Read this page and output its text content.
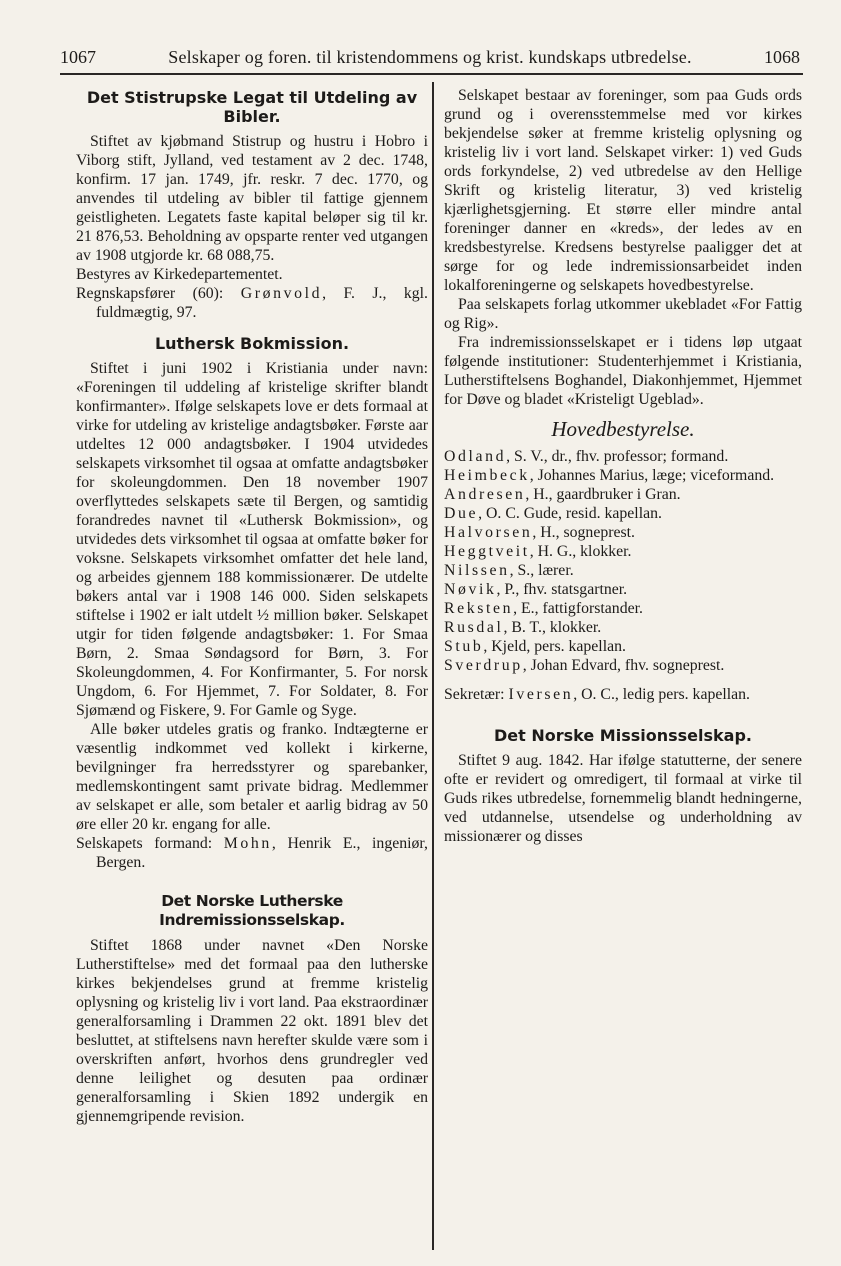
1067	Selskaper og foren. til kristendommens og krist. kundskaps utbredelse.	1068
Det Stistrupske Legat til Utdeling av Bibler.

Stiftet av kjøbmand Stistrup og hustru i Hobro i Viborg stift, Jylland, ved testament av 2 dec. 1748, konfirm. 17 jan. 1749, jfr. reskr. 7 dec. 1770, og anvendes til utdeling av bibler til fattige gjennem geistligheten. Legatets faste kapital beløper sig til kr. 21 876,53. Beholdning av opsparte renter ved utgangen av 1908 utgjorde kr. 68 088,75.

Bestyres av Kirkedepartementet.

Regnskapsfører (60): Grønvold, F. J., kgl. fuldmægtig, 97.

Luthersk Bokmission.

Stiftet i juni 1902 i Kristiania under navn: «Foreningen til uddeling af kristelige skrifter blandt konfirmanter». Ifølge selskapets love er dets formaal at virke for utdeling av kristelige andagtsbøker. Første aar utdeltes 12 000 andagtsbøker. I 1904 utvidedes selskapets virksomhet til ogsaa at omfatte andagtsbøker for skoleungdommen. Den 18 november 1907 overflyttedes selskapets sæte til Bergen, og samtidig forandredes navnet til «Luthersk Bokmission», og utvidedes dets virksomhet til ogsaa at omfatte bøker for voksne. Selskapets virksomhet omfatter det hele land, og arbeides gjennem 188 kommissionærer. De utdelte bøkers antal var i 1908 146 000. Siden selskapets stiftelse i 1902 er ialt utdelt ½ million bøker. Selskapet utgir for tiden følgende andagtsbøker: 1. For Smaa Børn, 2. Smaa Søndagsord for Børn, 3. For Skoleungdommen, 4. For Konfirmanter, 5. For norsk Ungdom, 6. For Hjemmet, 7. For Soldater, 8. For Sjømænd og Fiskere, 9. For Gamle og Syge.

Alle bøker utdeles gratis og franko. Indtægterne er væsentlig indkommet ved kollekt i kirkerne, bevilgninger fra herredsstyrer og sparebanker, medlemskontingent samt private bidrag. Medlemmer av selskapet er alle, som betaler et aarlig bidrag av 50 øre eller 20 kr. engang for alle.

Selskapets formand: Mohn, Henrik E., ingeniør, Bergen.

Det Norske Lutherske Indremissionsselskap.

Stiftet 1868 under navnet «Den Norske Lutherstiftelse» med det formaal paa den lutherske kirkes bekjendelses grund at fremme kristelig oplysning og kristelig liv i vort land. Paa ekstraordinær generalforsamling i Drammen 22 okt. 1891 blev det besluttet, at stiftelsens navn herefter skulde være som i overskriften anført, hvorhos dens grundregler ved denne leilighet og desuten paa ordinær generalforsamling i Skien 1892 undergik en gjennemgripende revision.

Selskapet bestaar av foreninger, som paa Guds ords grund og i overensstemmelse med vor kirkes bekjendelse søker at fremme kristelig oplysning og kristelig liv i vort land. Selskapet virker: 1) ved Guds ords forkyndelse, 2) ved utbredelse av den Hellige Skrift og kristelig literatur, 3) ved kristelig kjærlighetsgjerning. Et større eller mindre antal foreninger danner en «kreds», der ledes av en kredsbestyrelse. Kredsens bestyrelse paaligger det at sørge for og lede indremissionsarbeidet inden lokalforeningerne og selskapets hovedbestyrelse.

Paa selskapets forlag utkommer ukebladet «For Fattig og Rig».

Fra indremissionsselskapet er i tidens løp utgaat følgende institutioner: Studenterhjemmet i Kristiania, Lutherstiftelsens Boghandel, Diakonhjemmet, Hjemmet for Døve og bladet «Kristeligt Ugeblad».

Hovedbestyrelse.

Odland, S. V., dr., fhv. professor; formand.

Heimbeck, Johannes Marius, læge; viceformand.

Andresen, H., gaardbruker i Gran.

Due, O. C. Gude, resid. kapellan.

Halvorsen, H., sogneprest.

Heggtveit, H. G., klokker.

Nilssen, S., lærer.

Nøvik, P., fhv. statsgartner.

Reksten, E., fattigforstander.

Rusdal, B. T., klokker.

Stub, Kjeld, pers. kapellan.

Sverdrup, Johan Edvard, fhv. sogneprest.

Sekretær: Iversen, O. C., ledig pers. kapellan.

Det Norske Missionsselskap.

Stiftet 9 aug. 1842. Har ifølge statutterne, der senere ofte er revidert og omredigert, til formaal at virke til Guds rikes utbredelse, fornemmelig blandt hedningerne, ved utdannelse, utsendelse og underholdning av missionærer og disses
